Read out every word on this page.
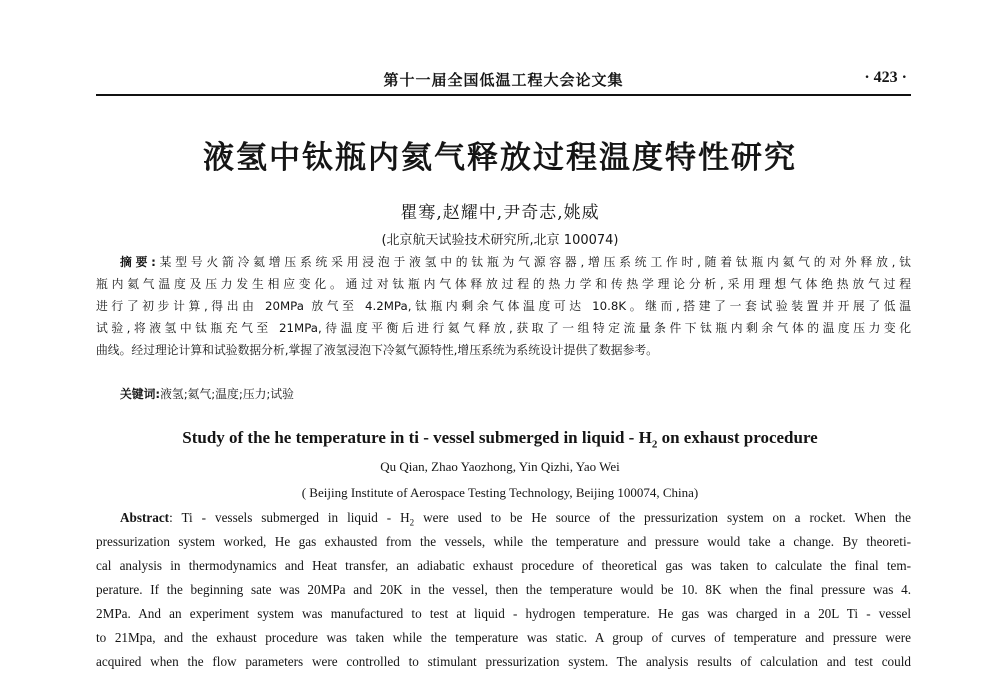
第十一届全国低温工程大会论文集	· 423 ·
液氢中钛瓶内氦气释放过程温度特性研究

瞿骞,赵耀中,尹奇志,姚威

(北京航天试验技术研究所,北京 100074)

摘要:某型号火箭冷氦增压系统采用浸泡于液氢中的钛瓶为气源容器,增压系统工作时,随着钛瓶内氦气的对外释放,钛
瓶内氦气温度及压力发生相应变化。通过对钛瓶内气体释放过程的热力学和传热学理论分析,采用理想气体绝热放气过程
进行了初步计算,得出由 20MPa 放气至 4.2MPa,钛瓶内剩余气体温度可达 10.8K。继而,搭建了一套试验装置并开展了低温
试验,将液氢中钛瓶充气至 21MPa,待温度平衡后进行氦气释放,获取了一组特定流量条件下钛瓶内剩余气体的温度压力变化
曲线。经过理论计算和试验数据分析,掌握了液氢浸泡下冷氦气源特性,增压系统为系统设计提供了数据参考。
关键词:液氢;氦气;温度;压力;试验
Study of the he temperature in ti - vessel submerged in liquid - $H_2$ on exhaust procedure

Qu Qian, Zhao Yaozhong, Yin Qizhi, Yao Wei

( Beijing Institute of Aerospace Testing Technology, Beijing 100074, China)

Abstract: Ti - vessels submerged in liquid - $H_2$ were used to be He source of the pressurization system on a rocket. When the
pressurization system worked, He gas exhausted from the vessels, while the temperature and pressure would take a change. By theoreti-
cal analysis in thermodynamics and Heat transfer, an adiabatic exhaust procedure of theoretical gas was taken to calculate the final tem-
perature. If the beginning sate was 20MPa and 20K in the vessel, then the temperature would be 10. 8K when the final pressure was 4.
2MPa. And an experiment system was manufactured to test at liquid - hydrogen temperature. He gas was charged in a 20L Ti - vessel
to 21Mpa, and the exhaust procedure was taken while the temperature was static. A group of curves of temperature and pressure were
acquired when the flow parameters were controlled to stimulant pressurization system. The analysis results of calculation and test could
